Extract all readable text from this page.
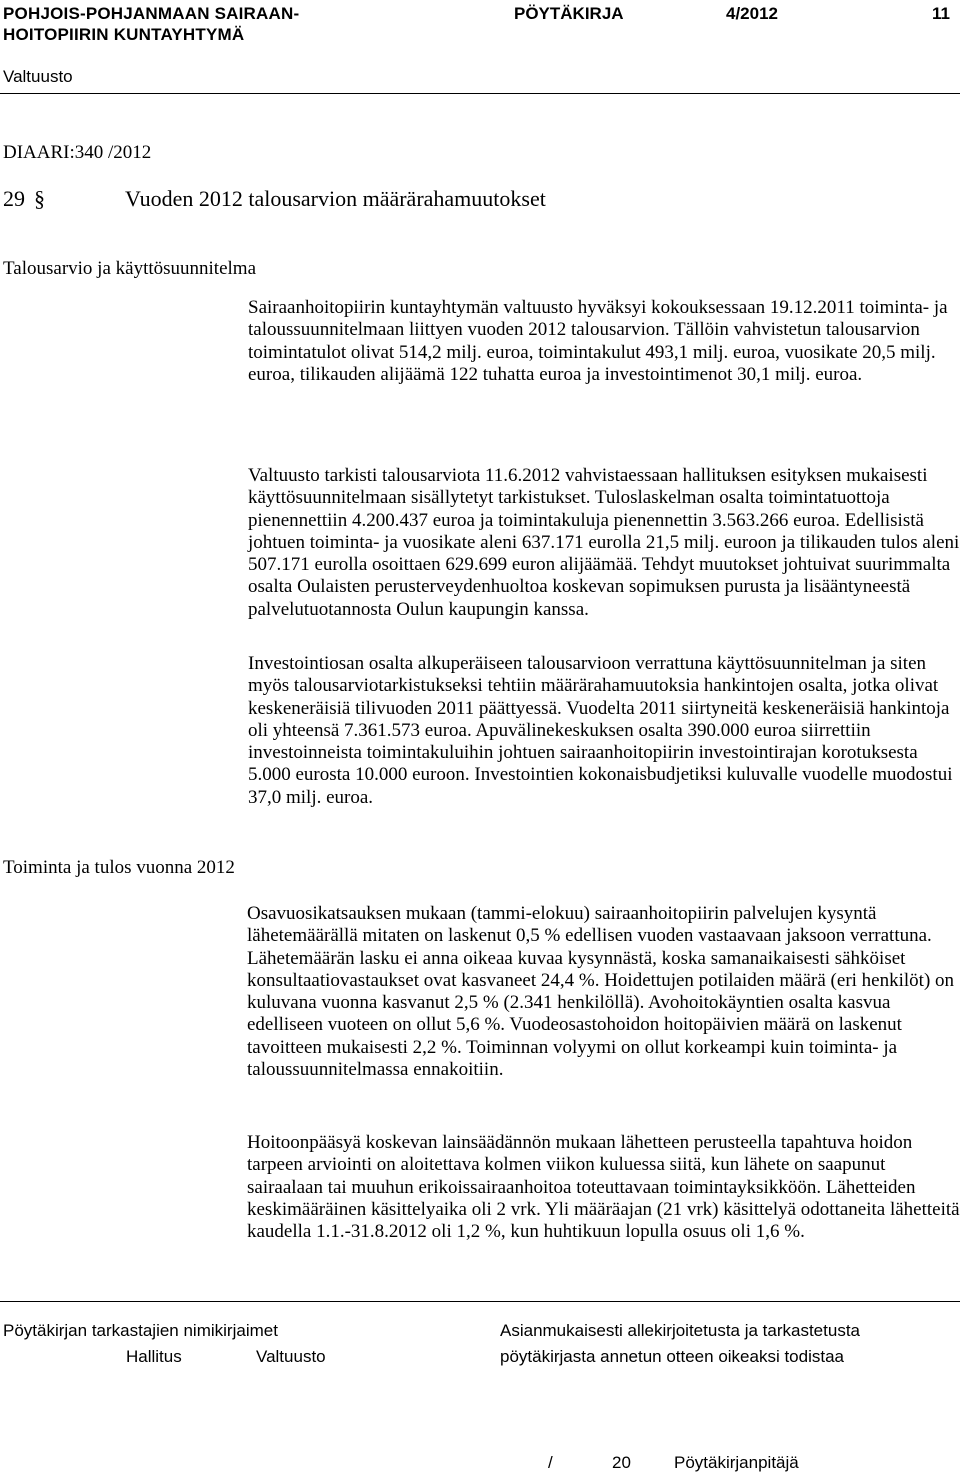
POHJOIS-POHJANMAAN SAIRAAN-
HOITOPIIRIN KUNTAYHTYMÄ
PÖYTÄKIRJA	4/2012	11
Valtuusto
DIAARI:340 /2012
29 §	Vuoden 2012 talousarvion määrärahamuutokset
Talousarvio ja käyttösuunnitelma
Toiminta ja tulos vuonna 2012
Sairaanhoitopiirin kuntayhtymän valtuusto hyväksyi kokouksessaan 19.12.2011 toiminta- ja taloussuunnitelmaan liittyen vuoden 2012 talousarvion. Tällöin vahvistetun talousarvion toimintatulot olivat 514,2 milj. euroa, toimintakulut 493,1 milj. euroa, vuosikate 20,5 milj. euroa, tilikauden alijäämä 122 tuhatta euroa ja investointimenot 30,1 milj. euroa.
Valtuusto tarkisti talousarviota 11.6.2012 vahvistaessaan hallituksen esityksen mukaisesti käyttösuunnitelmaan sisällytetyt tarkistukset. Tuloslaskelman osalta toimintatuottoja pienennettiin 4.200.437 euroa ja toimintakuluja pienennettin 3.563.266 euroa. Edellisistä johtuen toiminta- ja vuosikate aleni 637.171 eurolla 21,5 milj. euroon ja tilikauden tulos aleni 507.171 eurolla osoittaen 629.699 euron alijäämää. Tehdyt muutokset johtuivat suurimmalta osalta Oulaisten perusterveydenhuoltoa koskevan sopimuksen purusta ja lisääntyneestä palvelutuotannosta Oulun kaupungin kanssa.
Investointiosan osalta alkuperäiseen talousarvioon verrattuna käyttösuunnitelman ja siten myös talousarviotarkistukseksi tehtiin määrärahamuutoksia hankintojen osalta, jotka olivat keskeneräisiä tilivuoden 2011 päättyessä. Vuodelta 2011 siirtyneitä keskeneräisiä hankintoja oli yhteensä 7.361.573 euroa. Apuvälinekeskuksen osalta 390.000 euroa siirrettiin investoinneista toimintakuluihin johtuen sairaanhoitopiirin investointirajan korotuksesta 5.000 eurosta 10.000 euroon. Investointien kokonaisbudjetiksi kuluvalle vuodelle muodostui 37,0 milj. euroa.
Osavuosikatsauksen mukaan (tammi-elokuu) sairaanhoitopiirin palvelujen kysyntä lähetemäärällä mitaten on laskenut 0,5 % edellisen vuoden vastaavaan jaksoon verrattuna. Lähetemäärän lasku ei anna oikeaa kuvaa kysynnästä, koska samanaikaisesti sähköiset konsultaatiovastaukset ovat kasvaneet 24,4 %. Hoidettujen potilaiden määrä (eri henkilöt) on kuluvana vuonna kasvanut 2,5 % (2.341 henkilöllä). Avohoitokäyntien osalta kasvua edelliseen vuoteen on ollut 5,6 %. Vuodeosastohoidon hoitopäivien määrä on laskenut tavoitteen mukaisesti 2,2 %. Toiminnan volyymi on ollut korkeampi kuin toiminta- ja taloussuunnitelmassa ennakoitiin.
Hoitoonpääsyä koskevan lainsäädännön mukaan lähetteen perusteella tapahtuva hoidon tarpeen arviointi on aloitettava kolmen viikon kuluessa siitä, kun lähete on saapunut sairaalaan tai muuhun erikoissairaanhoitoa toteuttavaan toimintayksikköön. Lähetteiden keskimääräinen käsittelyaika oli 2 vrk. Yli määräajan (21 vrk) käsittelyä odottaneita lähetteitä kaudella 1.1.-31.8.2012 oli 1,2 %, kun huhtikuun lopulla osuus oli 1,6 %.
Pöytäkirjan tarkastajien nimikirjaimet
Hallitus	Valtuusto
Asianmukaisesti allekirjoitetusta ja tarkastetusta
pöytäkirjasta annetun otteen oikeaksi todistaa
/	20	Pöytäkirjanpitäjä
